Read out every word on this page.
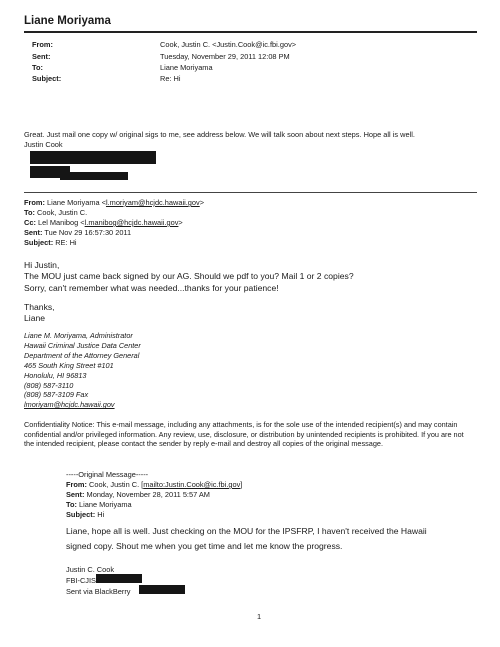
Liane Moriyama
From:	Cook, Justin C. <Justin.Cook@ic.fbi.gov>
Sent:	Tuesday, November 29, 2011 12:08 PM
To:	Liane Moriyama
Subject:	Re: Hi
Great. Just mail one copy w/ original sigs to me, see address below. We will talk soon about next steps. Hope all is well.
Justin Cook
From: Liane Moriyama <l.moriyam@hcjdc.hawaii.gov>
To: Cook, Justin C.
Cc: Lel Manibog <l.manibog@hcjdc.hawaii.gov>
Sent: Tue Nov 29 16:57:30 2011
Subject: RE: Hi
Hi Justin,
The MOU just came back signed by our AG. Should we pdf to you? Mail 1 or 2 copies?
Sorry, can't remember what was needed...thanks for your patience!
Thanks,
Liane
Liane M. Moriyama, Administrator
Hawaii Criminal Justice Data Center
Department of the Attorney General
465 South King Street #101
Honolulu, HI 96813
(808) 587-3110
(808) 587-3109 Fax
lmoriyam@hcjdc.hawaii.gov
Confidentiality Notice: This e-mail message, including any attachments, is for the sole use of the intended recipient(s) and may contain confidential and/or privileged information. Any review, use, disclosure, or distribution by unintended recipients is prohibited. If you are not the intended recipient, please contact the sender by reply e-mail and destroy all copies of the original message.
-----Original Message-----
From: Cook, Justin C. [mailto:Justin.Cook@ic.fbi.gov]
Sent: Monday, November 28, 2011 5:57 AM
To: Liane Moriyama
Subject: Hi
Liane, hope all is well. Just checking on the MOU for the IPSFRP, I haven't received the Hawaii
signed copy. Shout me when you get time and let me know the progress.
Justin C. Cook
FBI-CJIS
Sent via BlackBerry
1
